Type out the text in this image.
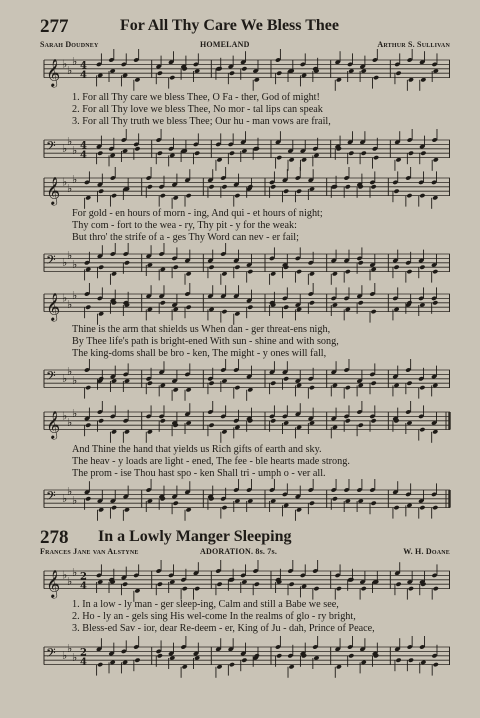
277	For All Thy Care We Bless Thee
Sarah Doudney	HOMELAND	Arthur S. Sullivan
𝄞 ♭
♭
♭ 4
4
1. For all Thy care we bless Thee, O Fa - ther, God of might!
2. For all Thy love we bless Thee, No mor - tal lips can speak
3. For all Thy truth we bless Thee; Our hu - man vows are frail,
𝄢 ♭
♭
♭ 4
4
𝄞 ♭
♭
♭
For gold - en hours of morn - ing, And qui - et hours of night;
Thy com - fort to the wea - ry, Thy pit - y for the weak:
But thro' the strife of a - ges Thy Word can nev - er fail;
𝄢 ♭
♭
♭
𝄞 ♭
♭
♭
Thine is the arm that shields us When dan - ger threat-ens nigh,
By Thee life's path is bright-ened With sun - shine and with song,
The king-doms shall be bro - ken, The might - y ones will fall,
𝄢 ♭
♭
♭
𝄞 ♭
♭
♭
And Thine the hand that yields us Rich gifts of earth and sky.
The heav - y loads are light - ened, The fee - ble hearts made strong.
The prom - ise Thou hast spo - ken Shall tri - umph o - ver all.
𝄢 ♭
♭
♭
278 In a Lowly Manger Sleeping
Frances Jane van Alstyne	ADORATION. 8s. 7s.	W. H. Doane
𝄞 ♭
♭
♭ 2
4
1. In a low - ly man - ger sleep-ing, Calm and still a Babe we see,
2. Ho - ly an - gels sing His wel-come In the realms of glo - ry bright,
3. Bless-ed Sav - ior, dear Re-deem - er, King of Ju - dah, Prince of Peace,
𝄢 ♭
♭
♭ 2
4
